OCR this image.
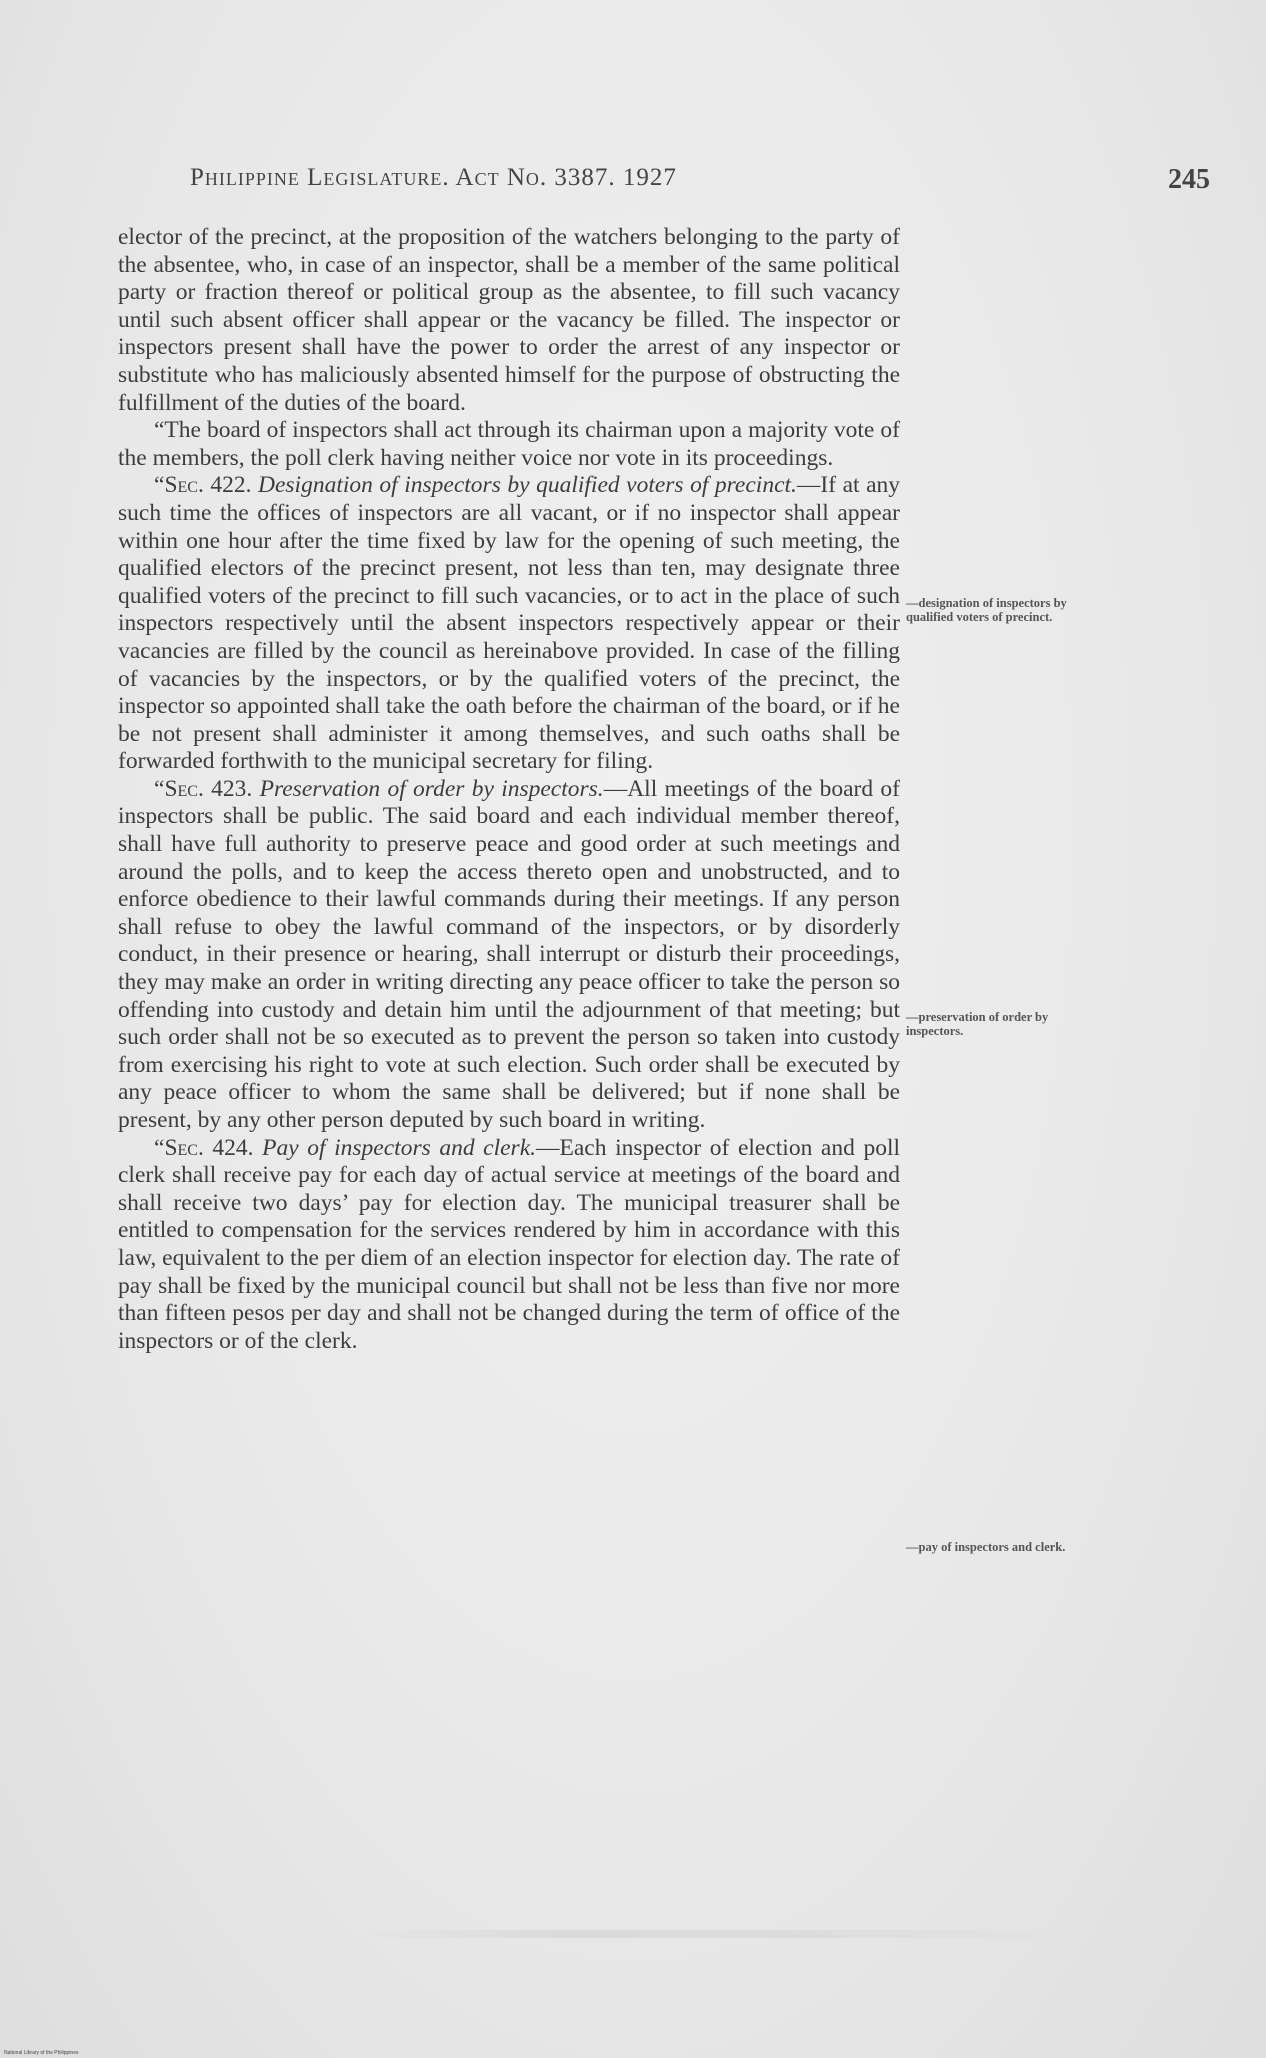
Philippine Legislature. Act No. 3387. 1927	245

elector of the precinct, at the proposition of the watchers belonging to the party of the absentee, who, in case of an inspector, shall be a member of the same political party or fraction thereof or political group as the absentee, to fill such vacancy until such absent officer shall appear or the vacancy be filled. The inspector or inspectors present shall have the power to order the arrest of any inspector or substitute who has maliciously absented himself for the purpose of obstructing the fulfillment of the duties of the board.

“The board of inspectors shall act through its chairman upon a majority vote of the members, the poll clerk having neither voice nor vote in its proceedings.

“Sec. 422. Designation of inspectors by qualified voters of precinct.—If at any such time the offices of inspectors are all vacant, or if no inspector shall appear within one hour after the time fixed by law for the opening of such meeting, the qualified electors of the precinct present, not less than ten, may designate three qualified voters of the precinct to fill such vacancies, or to act in the place of such inspectors respectively until the absent inspectors respectively appear or their vacancies are filled by the council as hereinabove provided. In case of the filling of vacancies by the inspectors, or by the qualified voters of the precinct, the inspector so appointed shall take the oath before the chairman of the board, or if he be not present shall administer it among themselves, and such oaths shall be forwarded forthwith to the municipal secretary for filing.

“Sec. 423. Preservation of order by inspectors.—All meetings of the board of inspectors shall be public. The said board and each individual member thereof, shall have full authority to preserve peace and good order at such meetings and around the polls, and to keep the access thereto open and unobstructed, and to enforce obedience to their lawful commands during their meetings. If any person shall refuse to obey the lawful command of the inspectors, or by disorderly conduct, in their presence or hearing, shall interrupt or disturb their proceedings, they may make an order in writing directing any peace officer to take the person so offending into custody and detain him until the adjournment of that meeting; but such order shall not be so executed as to prevent the person so taken into custody from exercising his right to vote at such election. Such order shall be executed by any peace officer to whom the same shall be delivered; but if none shall be present, by any other person deputed by such board in writing.

“Sec. 424. Pay of inspectors and clerk.—Each inspector of election and poll clerk shall receive pay for each day of actual service at meetings of the board and shall receive two days’ pay for election day. The municipal treasurer shall be entitled to compensation for the services rendered by him in accordance with this law, equivalent to the per diem of an election inspector for election day. The rate of pay shall be fixed by the municipal council but shall not be less than five nor more than fifteen pesos per day and shall not be changed during the term of office of the inspectors or of the clerk.

—designation of inspectors by qualified voters of precinct.
—preservation of order by inspectors.
—pay of inspectors and clerk.
National Library of the Philippines
